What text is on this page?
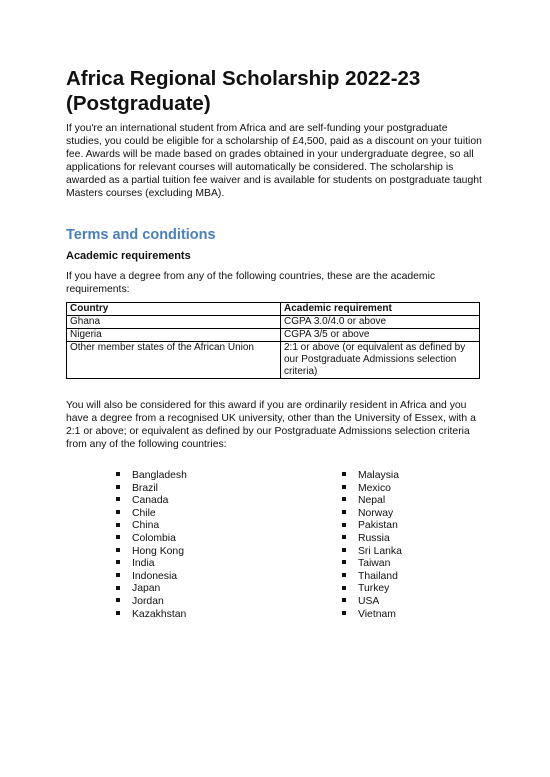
Africa Regional Scholarship 2022-23
(Postgraduate)

If you're an international student from Africa and are self-funding your postgraduate studies, you could be eligible for a scholarship of £4,500, paid as a discount on your tuition fee. Awards will be made based on grades obtained in your undergraduate degree, so all applications for relevant courses will automatically be considered. The scholarship is awarded as a partial tuition fee waiver and is available for students on postgraduate taught Masters courses (excluding MBA).

Terms and conditions
Academic requirements

If you have a degree from any of the following countries, these are the academic requirements:

Country	Academic requirement
Ghana	CGPA 3.0/4.0 or above
Nigeria	CGPA 3/5 or above
Other member states of the African Union	2:1 or above (or equivalent as defined by our Postgraduate Admissions selection criteria)

You will also be considered for this award if you are ordinarily resident in Africa and you have a degree from a recognised UK university, other than the University of Essex, with a 2:1 or above; or equivalent as defined by our Postgraduate Admissions selection criteria from any of the following countries:

Bangladesh
Brazil
Canada
Chile
China
Colombia
Hong Kong
India
Indonesia
Japan
Jordan
Kazakhstan
Malaysia
Mexico
Nepal
Norway
Pakistan
Russia
Sri Lanka
Taiwan
Thailand
Turkey
USA
Vietnam
